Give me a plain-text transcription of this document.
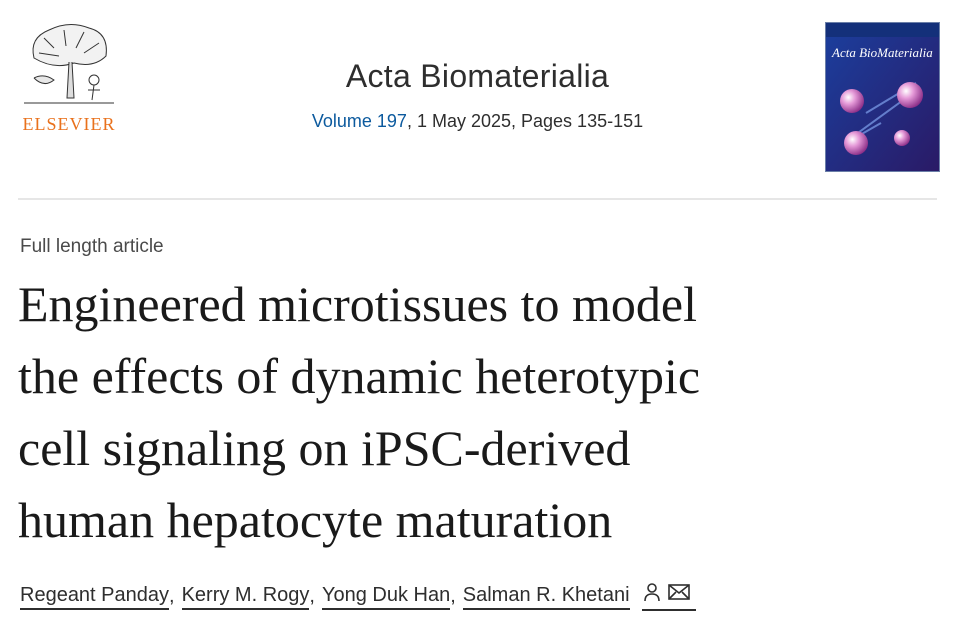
ELSEVIER
Acta Biomaterialia
Volume 197, 1 May 2025, Pages 135-151
Acta BioMaterialia
Full length article
Engineered microtissues to model
the effects of dynamic heterotypic
cell signaling on iPSC-derived
human hepatocyte maturation
Regeant Panday , Kerry M. Rogy , Yong Duk Han , Salman R. Khetani
